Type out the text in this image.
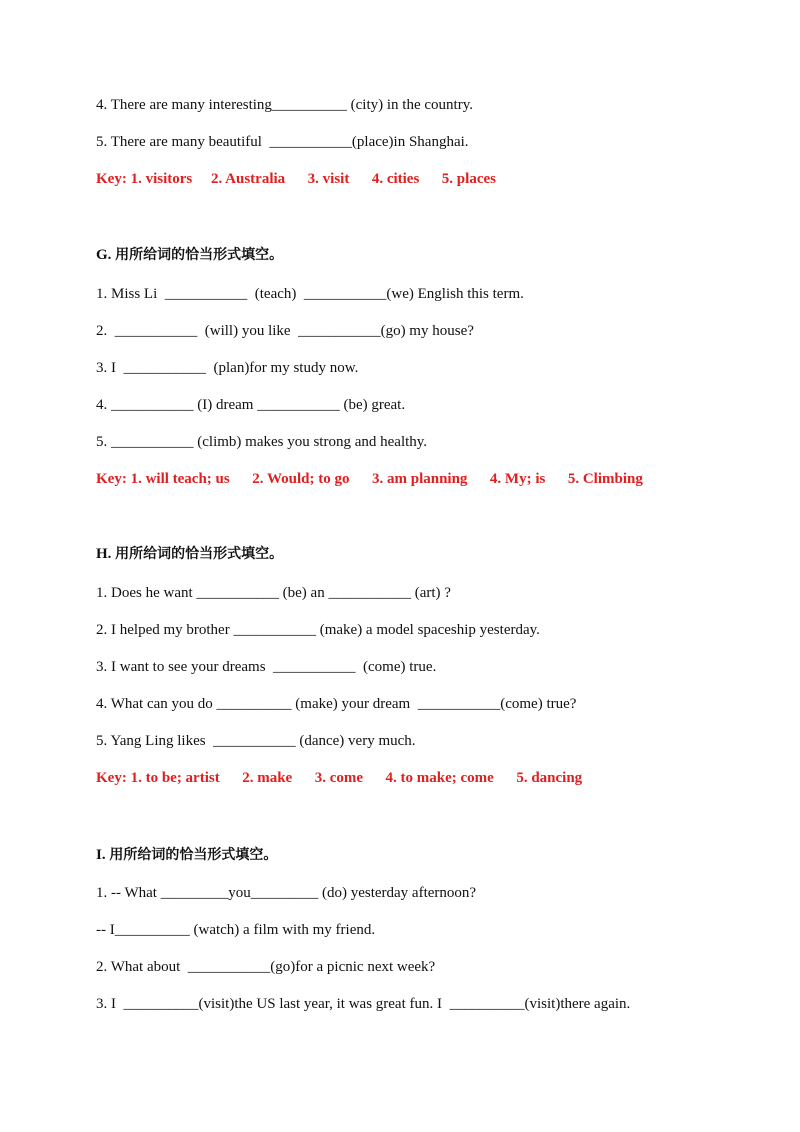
4. There are many interesting__________ (city) in the country.
5. There are many beautiful  ___________(place)in Shanghai.
Key: 1. visitors     2. Australia      3. visit      4. cities      5. places
G. 用所给词的恰当形式填空。
1. Miss Li  ___________  (teach)  ___________(we) English this term.
2.  ___________  (will) you like  ___________(go) my house?
3. I  ___________  (plan)for my study now.
4. ___________ (I) dream ___________ (be) great.
5. ___________ (climb) makes you strong and healthy.
Key: 1. will teach; us      2. Would; to go      3. am planning      4. My; is      5. Climbing
H. 用所给词的恰当形式填空。
1. Does he want ___________ (be) an ___________ (art) ?
2. I helped my brother ___________ (make) a model spaceship yesterday.
3. I want to see your dreams  ___________  (come) true.
4. What can you do __________ (make) your dream  ___________(come) true?
5. Yang Ling likes  ___________ (dance) very much.
Key: 1. to be; artist      2. make      3. come      4. to make; come      5. dancing
I. 用所给词的恰当形式填空。
1. -- What _________you_________ (do) yesterday afternoon?
-- I__________ (watch) a film with my friend.
2. What about  ___________(go)for a picnic next week?
3. I  __________(visit)the US last year, it was great fun. I  __________(visit)there again.
